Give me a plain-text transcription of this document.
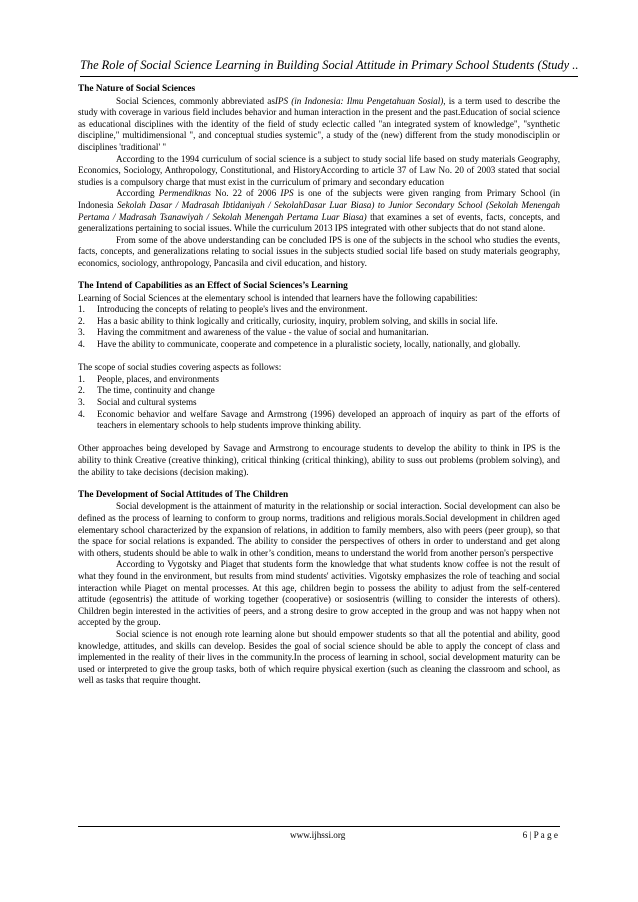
The Role of Social Science Learning in Building Social Attitude in Primary School Students (Study ..
The Nature of Social Sciences

Social Sciences, commonly abbreviated asIPS (in Indonesia: Ilmu Pengetahuan Sosial), is a term used to describe the study with coverage in various field includes behavior and human interaction in the present and the past.Education of social science as educational disciplines with the identity of the field of study eclectic called "an integrated system of knowledge", "synthetic discipline," multidimensional ", and conceptual studies systemic", a study of the (new) different from the study monodisciplin or disciplines 'traditional' "

According to the 1994 curriculum of social science is a subject to study social life based on study materials Geography, Economics, Sociology, Anthropology, Constitutional, and HistoryAccording to article 37 of Law No. 20 of 2003 stated that social studies is a compulsory charge that must exist in the curriculum of primary and secondary education

According Permendiknas No. 22 of 2006 IPS is one of the subjects were given ranging from Primary School (in Indonesia Sekolah Dasar / Madrasah Ibtidaniyah / SekolahDasar Luar Biasa) to Junior Secondary School (Sekolah Menengah Pertama / Madrasah Tsanawiyah / Sekolah Menengah Pertama Luar Biasa) that examines a set of events, facts, concepts, and generalizations pertaining to social issues. While the curriculum 2013 IPS integrated with other subjects that do not stand alone.

From some of the above understanding can be concluded IPS is one of the subjects in the school who studies the events, facts, concepts, and generalizations relating to social issues in the subjects studied social life based on study materials geography, economics, sociology, anthropology, Pancasila and civil education, and history.

The Intend of Capabilities as an Effect of Social Sciences’s Learning

Learning of Social Sciences at the elementary school is intended that learners have the following capabilities:

1. Introducing the concepts of relating to people's lives and the environment.
2. Has a basic ability to think logically and critically, curiosity, inquiry, problem solving, and skills in social life.
3. Having the commitment and awareness of the value - the value of social and humanitarian.
4. Have the ability to communicate, cooperate and competence in a pluralistic society, locally, nationally, and globally.

The scope of social studies covering aspects as follows:

1. People, places, and environments
2. The time, continuity and change
3. Social and cultural systems
4. Economic behavior and welfare Savage and Armstrong (1996) developed an approach of inquiry as part of the efforts of teachers in elementary schools to help students improve thinking ability.

Other approaches being developed by Savage and Armstrong to encourage students to develop the ability to think in IPS is the ability to think Creative (creative thinking), critical thinking (critical thinking), ability to suss out problems (problem solving), and the ability to take decisions (decision making).

The Development of Social Attitudes of The Children

Social development is the attainment of maturity in the relationship or social interaction. Social development can also be defined as the process of learning to conform to group norms, traditions and religious morals.Social development in children aged elementary school characterized by the expansion of relations, in addition to family members, also with peers (peer group), so that the space for social relations is expanded. The ability to consider the perspectives of others in order to understand and get along with others, students should be able to walk in other’s condition, means to understand the world from another person's perspective

According to Vygotsky and Piaget that students form the knowledge that what students know coffee is not the result of what they found in the environment, but results from mind students' activities. Vigotsky emphasizes the role of teaching and social interaction while Piaget on mental processes. At this age, children begin to possess the ability to adjust from the self-centered attitude (egosentris) the attitude of working together (cooperative) or sosiosentris (willing to consider the interests of others). Children begin interested in the activities of peers, and a strong desire to grow accepted in the group and was not happy when not accepted by the group.

Social science is not enough rote learning alone but should empower students so that all the potential and ability, good knowledge, attitudes, and skills can develop. Besides the goal of social science should be able to apply the concept of class and implemented in the reality of their lives in the community.In the process of learning in school, social development maturity can be used or interpreted to give the group tasks, both of which require physical exertion (such as cleaning the classroom and school, as well as tasks that require thought.

www.ijhssi.org	6 | P a g e
